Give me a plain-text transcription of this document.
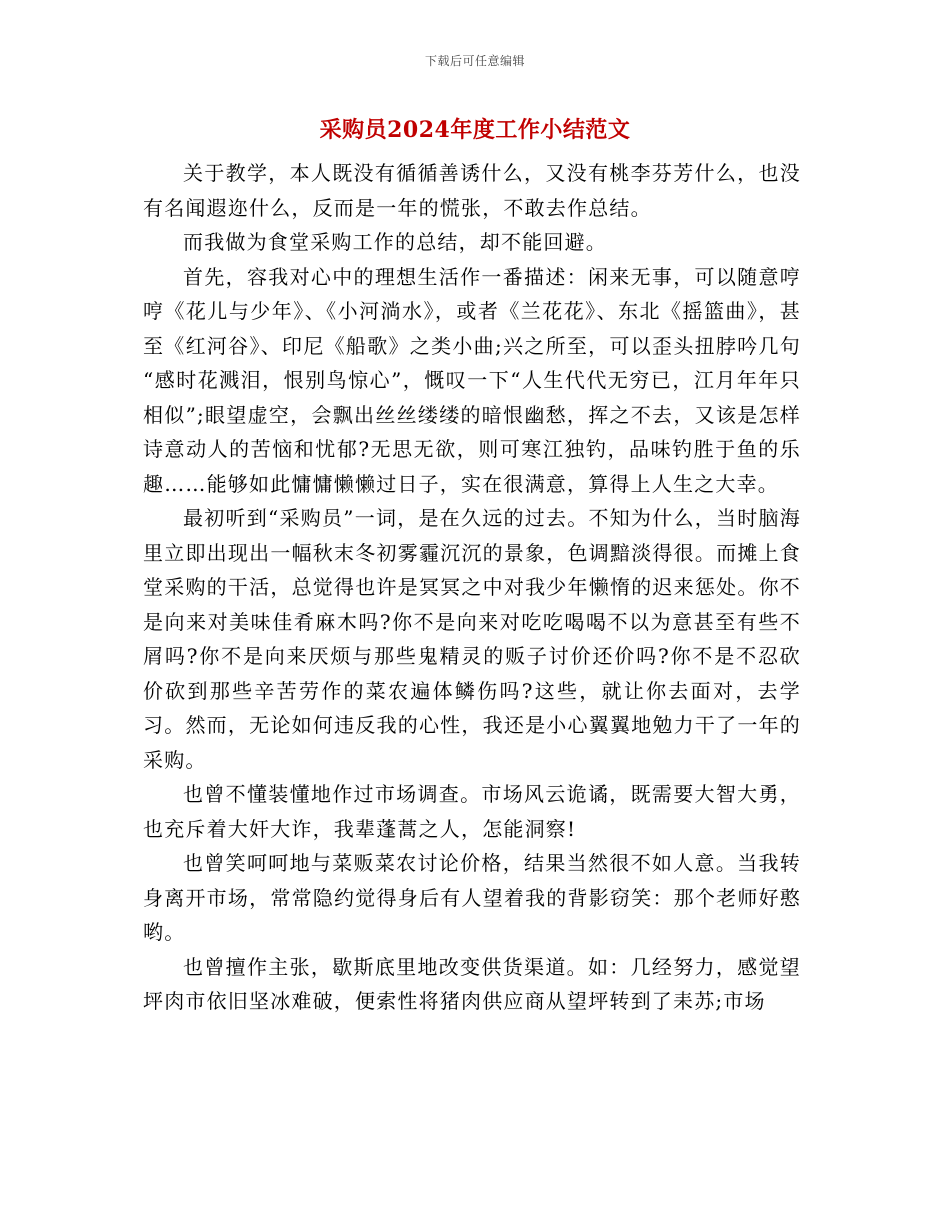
下载后可任意编辑
采购员2024年度工作小结范文

关于教学，本人既没有循循善诱什么，又没有桃李芬芳什么，也没有名闻遐迩什么，反而是一年的慌张，不敢去作总结。

而我做为食堂采购工作的总结，却不能回避。

首先，容我对心中的理想生活作一番描述：闲来无事，可以随意哼哼《花儿与少年》、《小河淌水》，或者《兰花花》、东北《摇篮曲》，甚至《红河谷》、印尼《船歌》之类小曲;兴之所至，可以歪头扭脖吟几句 “感时花溅泪，恨别鸟惊心”，慨叹一下“人生代代无穷已，江月年年只相似”;眼望虚空，会飘出丝丝缕缕的暗恨幽愁，挥之不去，又该是怎样诗意动人的苦恼和忧郁?无思无欲，则可寒江独钓，品味钓胜于鱼的乐趣……能够如此慵慵懒懒过日子，实在很满意，算得上人生之大幸。

最初听到“采购员”一词，是在久远的过去。不知为什么，当时脑海里立即出现出一幅秋末冬初雾霾沉沉的景象，色调黯淡得很。而摊上食堂采购的干活，总觉得也许是冥冥之中对我少年懒惰的迟来惩处。你不是向来对美味佳肴麻木吗?你不是向来对吃吃喝喝不以为意甚至有些不屑吗?你不是向来厌烦与那些鬼精灵的贩子讨价还价吗?你不是不忍砍价砍到那些辛苦劳作的菜农遍体鳞伤吗?这些，就让你去面对，去学习。然而，无论如何违反我的心性，我还是小心翼翼地勉力干了一年的采购。

也曾不懂装懂地作过市场调查。市场风云诡谲，既需要大智大勇，也充斥着大奸大诈，我辈蓬蒿之人，怎能洞察!

也曾笑呵呵地与菜贩菜农讨论价格，结果当然很不如人意。当我转身离开市场，常常隐约觉得身后有人望着我的背影窃笑：那个老师好憨哟。

也曾擅作主张，歇斯底里地改变供货渠道。如：几经努力，感觉望坪肉市依旧坚冰难破，便索性将猪肉供应商从望坪转到了耒苏;市场
